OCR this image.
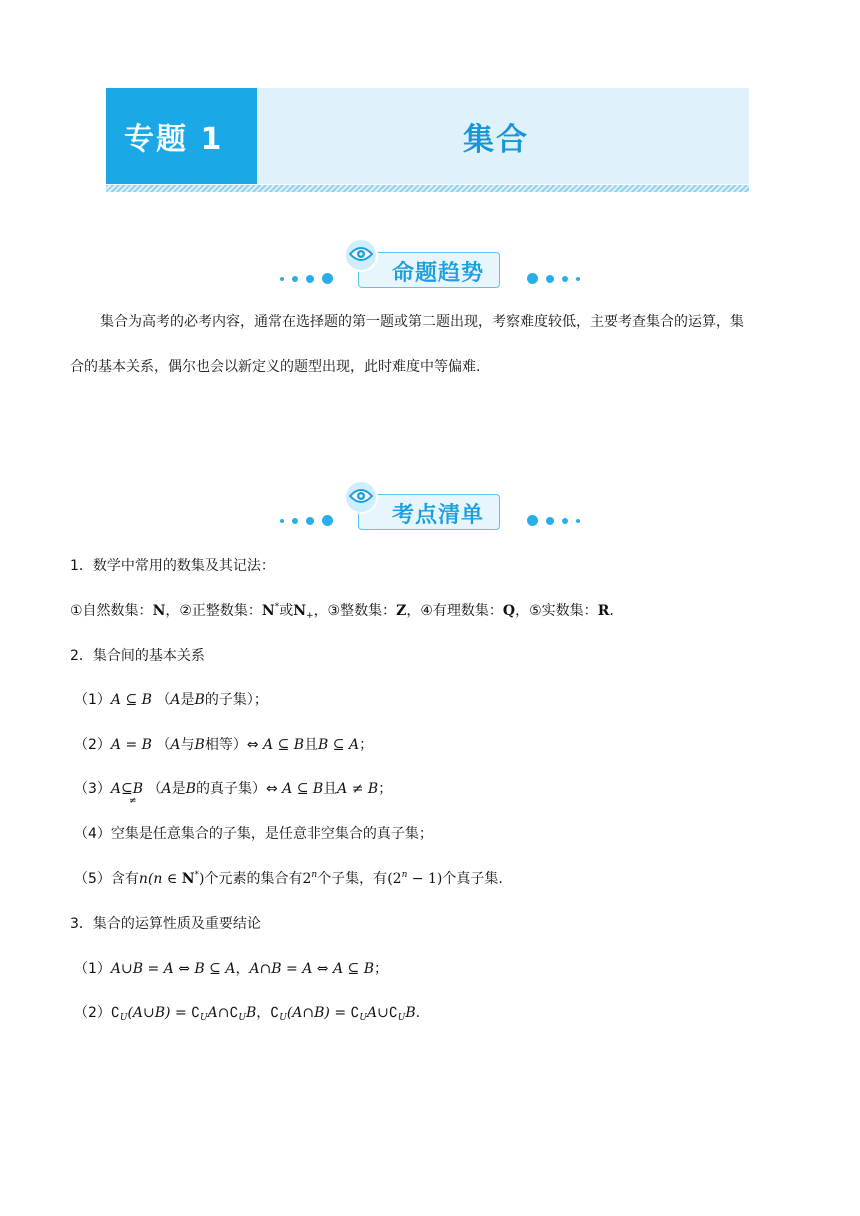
专题 1	集合
命题趋势
集合为高考的必考内容，通常在选择题的第一题或第二题出现，考察难度较低，主要考查集合的运算，集
合的基本关系，偶尔也会以新定义的题型出现，此时难度中等偏难.
考点清单
1．数学中常用的数集及其记法：
①自然数集：N，②正整数集：N*或$N_+$，③整数集：Z，④有理数集：Q，⑤实数集：R.
2．集合间的基本关系
（1）A ⊆ B （A是B的子集）；
（2）A = B （A与B相等）⇔ A ⊆ B且B ⊆ A；
（3）A⊆
≠
B （A是B的真子集）⇔ A ⊆ B且A ≠ B；
（4）空集是任意集合的子集，是任意非空集合的真子集；
（5）含有n(n ∈ N*)个元素的集合有2$^n$个子集，有$(2^n - 1)$个真子集.
3．集合的运算性质及重要结论
（1）A∪B = A ⇔ B ⊆ A，A∩B = A ⇔ A ⊆ B；
$(2)∁_U(A\cup B)$ = $∁_UA\cap∁_UB$，$∁_U(A\cap B)$ = $∁_UA\cup∁_UB$.
